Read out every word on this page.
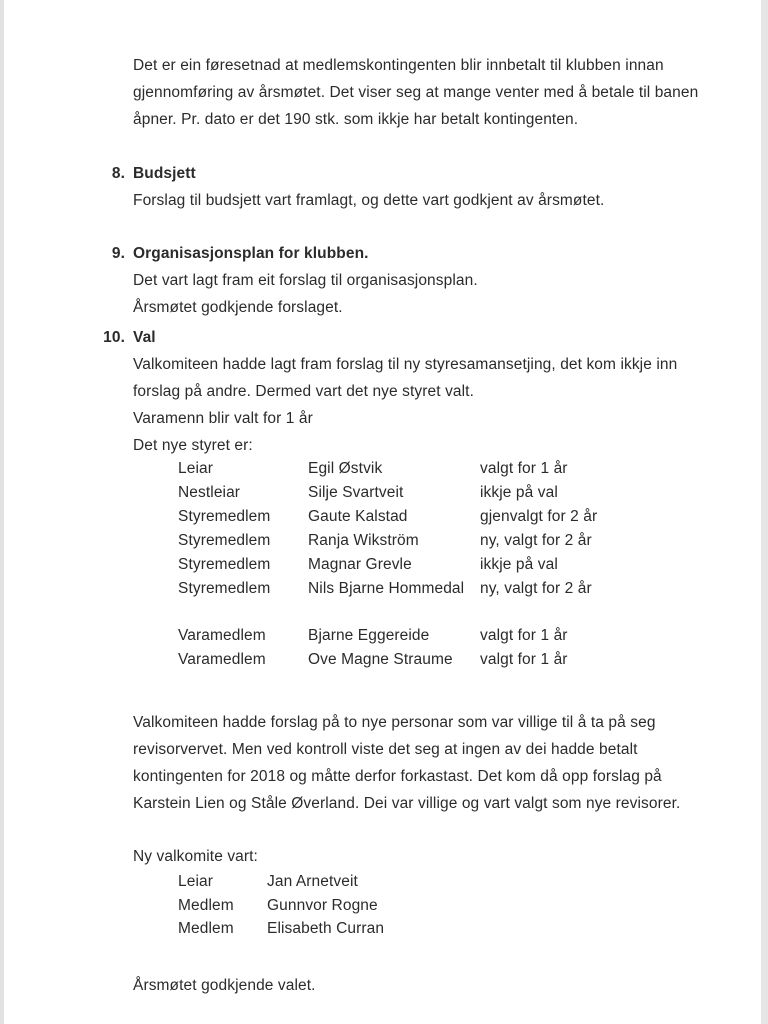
Det er ein føresetnad at medlemskontingenten blir innbetalt til klubben innan gjennomføring av årsmøtet. Det viser seg at mange venter med å betale til banen åpner. Pr. dato er det 190 stk. som ikkje har betalt kontingenten.

8. Budsjett

Forslag til budsjett vart framlagt, og dette vart godkjent av årsmøtet.

9. Organisasjonsplan for klubben.

Det vart lagt fram eit forslag til organisasjonsplan.

Årsmøtet godkjende forslaget.

10. Val

Valkomiteen hadde lagt fram forslag til ny styresamansetjing, det kom ikkje inn forslag på andre. Dermed vart det nye styret valt.

Varamenn blir valt for 1 år

Det nye styret er:

Leiar	Egil Østvik	valgt for 1 år
Nestleiar	Silje Svartveit	ikkje på val
Styremedlem	Gaute Kalstad	gjenvalgt for 2 år
Styremedlem	Ranja Wikström	ny, valgt for 2 år
Styremedlem	Magnar Grevle	ikkje på val
Styremedlem	Nils Bjarne Hommedal	ny, valgt for 2 år
Varamedlem	Bjarne Eggereide	valgt for 1 år
Varamedlem	Ove Magne Straume	valgt for 1 år

Valkomiteen hadde forslag på to nye personar som var villige til å ta på seg revisorvervet. Men ved kontroll viste det seg at ingen av dei hadde betalt kontingenten for 2018 og måtte derfor forkastast. Det kom då opp forslag på Karstein Lien og Ståle Øverland. Dei var villige og vart valgt som nye revisorer.

Ny valkomite vart:

Leiar	Jan Arnetveit
Medlem	Gunnvor Rogne
Medlem	Elisabeth Curran

Årsmøtet godkjende valet.
